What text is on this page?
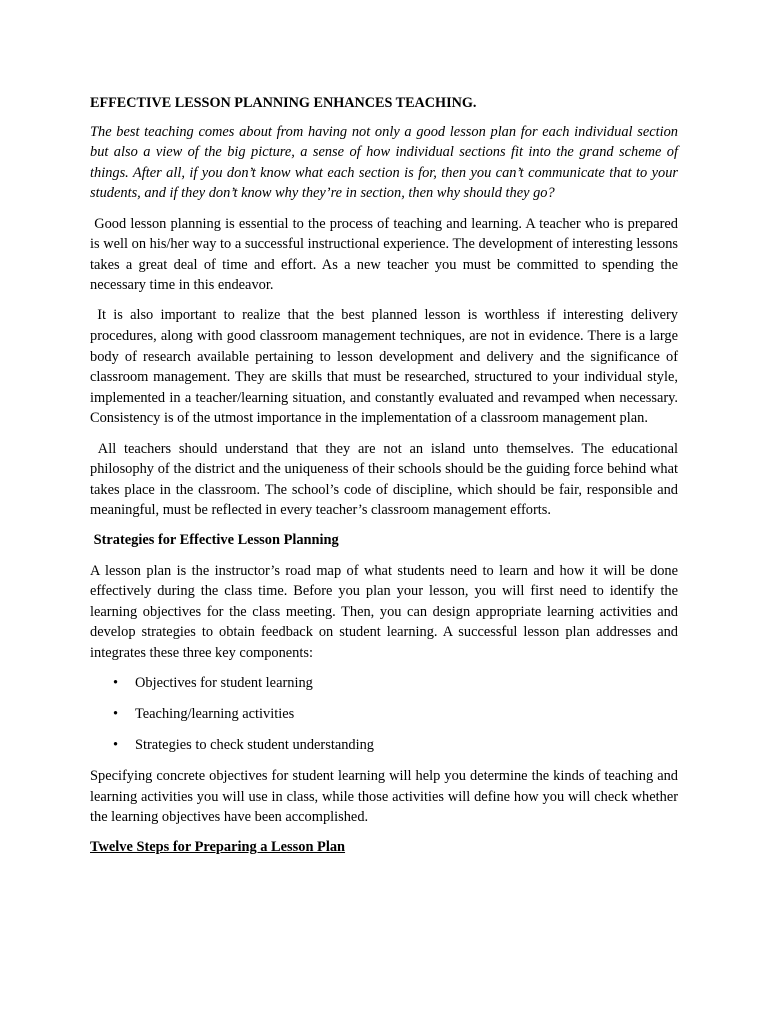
EFFECTIVE LESSON PLANNING ENHANCES TEACHING.

The best teaching comes about from having not only a good lesson plan for each individual section but also a view of the big picture, a sense of how individual sections fit into the grand scheme of things. After all, if you don’t know what each section is for, then you can’t communicate that to your students, and if they don’t know why they’re in section, then why should they go?

Good lesson planning is essential to the process of teaching and learning. A teacher who is prepared is well on his/her way to a successful instructional experience. The development of interesting lessons takes a great deal of time and effort. As a new teacher you must be committed to spending the necessary time in this endeavor.

It is also important to realize that the best planned lesson is worthless if interesting delivery procedures, along with good classroom management techniques, are not in evidence. There is a large body of research available pertaining to lesson development and delivery and the significance of classroom management. They are skills that must be researched, structured to your individual style, implemented in a teacher/learning situation, and constantly evaluated and revamped when necessary. Consistency is of the utmost importance in the implementation of a classroom management plan.

All teachers should understand that they are not an island unto themselves. The educational philosophy of the district and the uniqueness of their schools should be the guiding force behind what takes place in the classroom. The school’s code of discipline, which should be fair, responsible and meaningful, must be reflected in every teacher’s classroom management efforts.

Strategies for Effective Lesson Planning

A lesson plan is the instructor’s road map of what students need to learn and how it will be done effectively during the class time. Before you plan your lesson, you will first need to identify the learning objectives for the class meeting. Then, you can design appropriate learning activities and develop strategies to obtain feedback on student learning. A successful lesson plan addresses and integrates these three key components:

• Objectives for student learning
• Teaching/learning activities
• Strategies to check student understanding

Specifying concrete objectives for student learning will help you determine the kinds of teaching and learning activities you will use in class, while those activities will define how you will check whether the learning objectives have been accomplished.

Twelve Steps for Preparing a Lesson Plan
